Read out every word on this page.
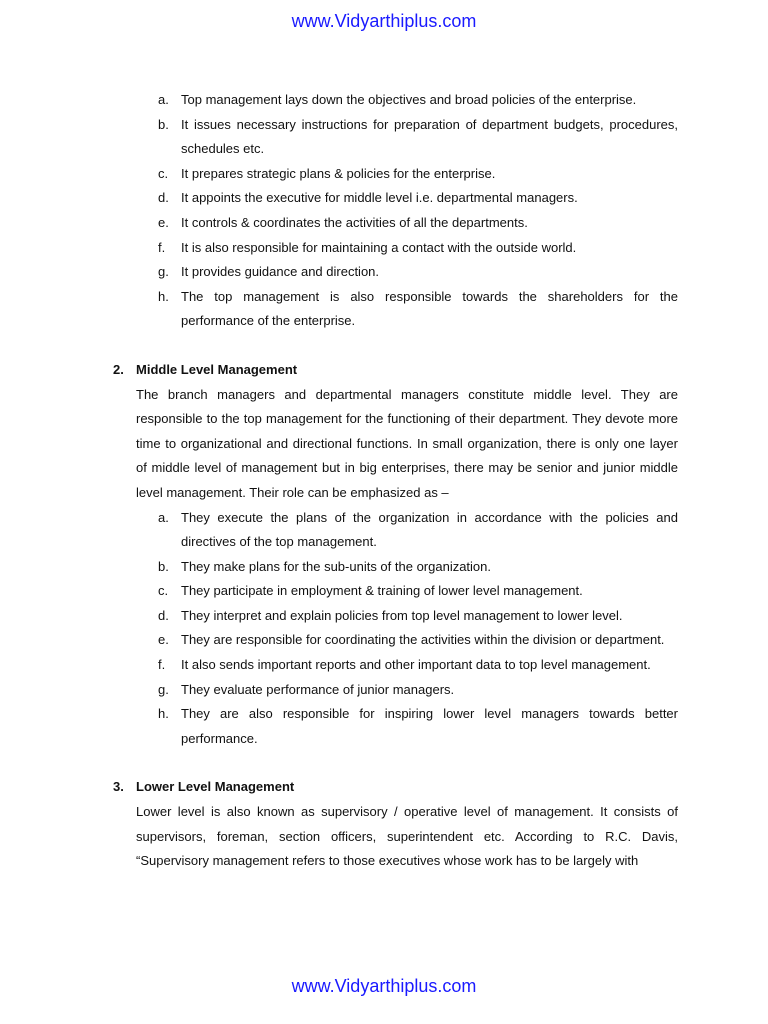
www.Vidyarthiplus.com
a. Top management lays down the objectives and broad policies of the enterprise.
b. It issues necessary instructions for preparation of department budgets, procedures, schedules etc.
c. It prepares strategic plans & policies for the enterprise.
d. It appoints the executive for middle level i.e. departmental managers.
e. It controls & coordinates the activities of all the departments.
f. It is also responsible for maintaining a contact with the outside world.
g. It provides guidance and direction.
h. The top management is also responsible towards the shareholders for the performance of the enterprise.
2. Middle Level Management
The branch managers and departmental managers constitute middle level. They are responsible to the top management for the functioning of their department. They devote more time to organizational and directional functions. In small organization, there is only one layer of middle level of management but in big enterprises, there may be senior and junior middle level management. Their role can be emphasized as –
a. They execute the plans of the organization in accordance with the policies and directives of the top management.
b. They make plans for the sub-units of the organization.
c. They participate in employment & training of lower level management.
d. They interpret and explain policies from top level management to lower level.
e. They are responsible for coordinating the activities within the division or department.
f. It also sends important reports and other important data to top level management.
g. They evaluate performance of junior managers.
h. They are also responsible for inspiring lower level managers towards better performance.
3. Lower Level Management
Lower level is also known as supervisory / operative level of management. It consists of supervisors, foreman, section officers, superintendent etc. According to R.C. Davis, “Supervisory management refers to those executives whose work has to be largely with
www.Vidyarthiplus.com
